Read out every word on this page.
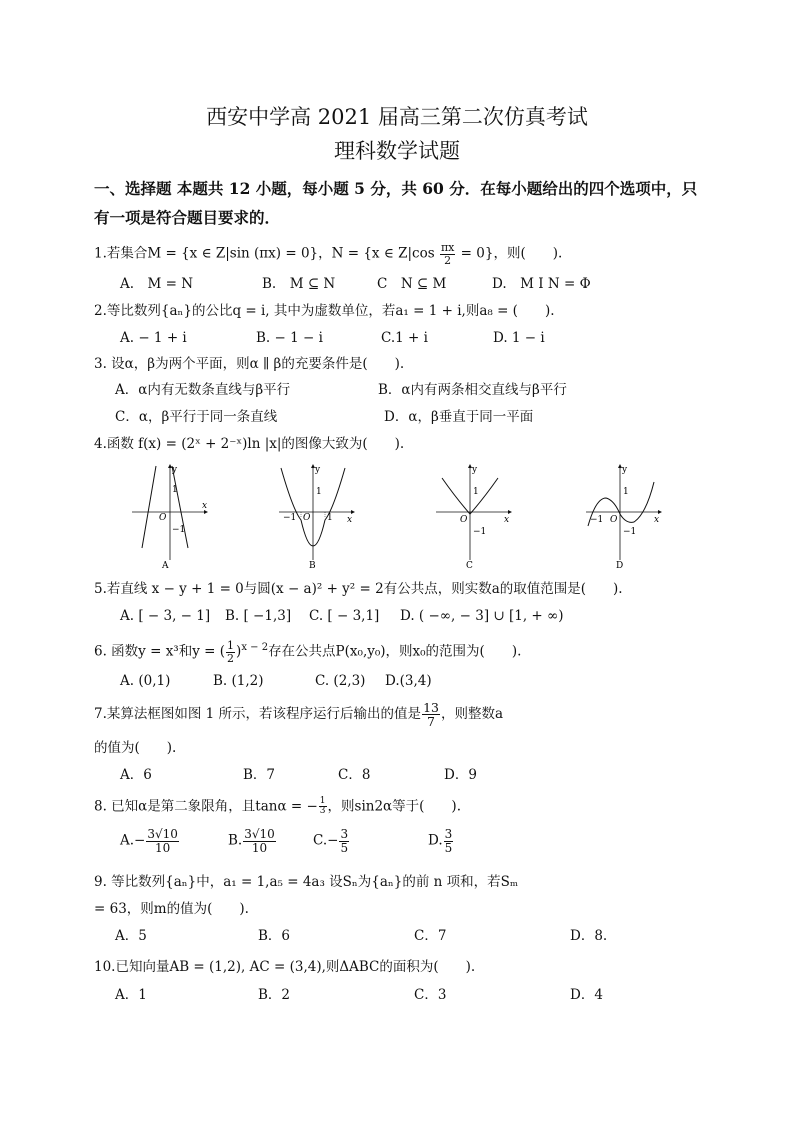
西安中学高 2021 届高三第二次仿真考试
理科数学试题
一、选择题 本题共 12 小题，每小题 5 分，共 60 分．在每小题给出的四个选项中，只
有一项是符合题目要求的．
1.若集合M = {x ∈ Z|sin (πx) = 0}，N = {x ∈ $Z|\cos \frac{\pi x}{2} = 0$}，则(　　).
A.　M = N	B.　M ⊆ N	C　N ⊆ M	D.　M I N = Φ
2.等比数列{aₙ}的公比q = i, 其中为虚数单位，若a₁ = 1 + i,则a₈ = (　　).
A. − 1 + i	B. − 1 − i	C.1 + i	D. 1 − i
3. 设α，β为两个平面，则α ∥ β的充要条件是(　　).
A．α内有无数条直线与β平行	B．α内有两条相交直线与β平行
C．α，β平行于同一条直线	D．α，β垂直于同一平面
4.函数 f(x) = (2ˣ + 2⁻ˣ)ln |x|的图像大致为(　　).
y
x
O
1
−1
A
y
x
O
1
−1	1
B
y
x
O
1
−1
C
y
x
O
1
−1
−1
D
5.若直线 x − y + 1 = 0与圆(x − a)² + y² = 2有公共点，则实数a的取值范围是(　　).
A. [ − 3, − 1] B. [ −1,3] C. [ − 3,1] D. ( −∞, − 3] ∪ [1, + ∞)
6. 函数y = x³和y = ( $\frac{1}{2} )^{x - 2}$存在公共点P(x₀,y₀)，则x₀的范围为(　　).
A. (0,1)	B. (1,2)	C. (2,3) D.(3,4)
7.某算法框图如图 1 所示，若该程序运行后输出的值是 $\frac{13}{7}$ ，则整数a
的值为(　　).
A．6	B．7	C．8	D．9
8. 已知α是第二象限角，且tanα = − $\frac{1}{3}$ ，则sin2α等于(　　).
$A.- \frac{3√10}{10}$	B. $\frac{3√10}{10}$	$C.- \frac{3}{5}$	D. $\frac{3}{5}$
9. 等比数列{aₙ}中，a₁ = 1,a₅ = 4a₃ 设Sₙ为{aₙ}的前 n 项和，若Sₘ
= 63，则m的值为(　　).
A．5	B．6	C．7	D．8.
10.已知向量AB = (1,2), AC = (3,4),则ΔABC的面积为(　　).
A．1	B．2	C．3	D．4
